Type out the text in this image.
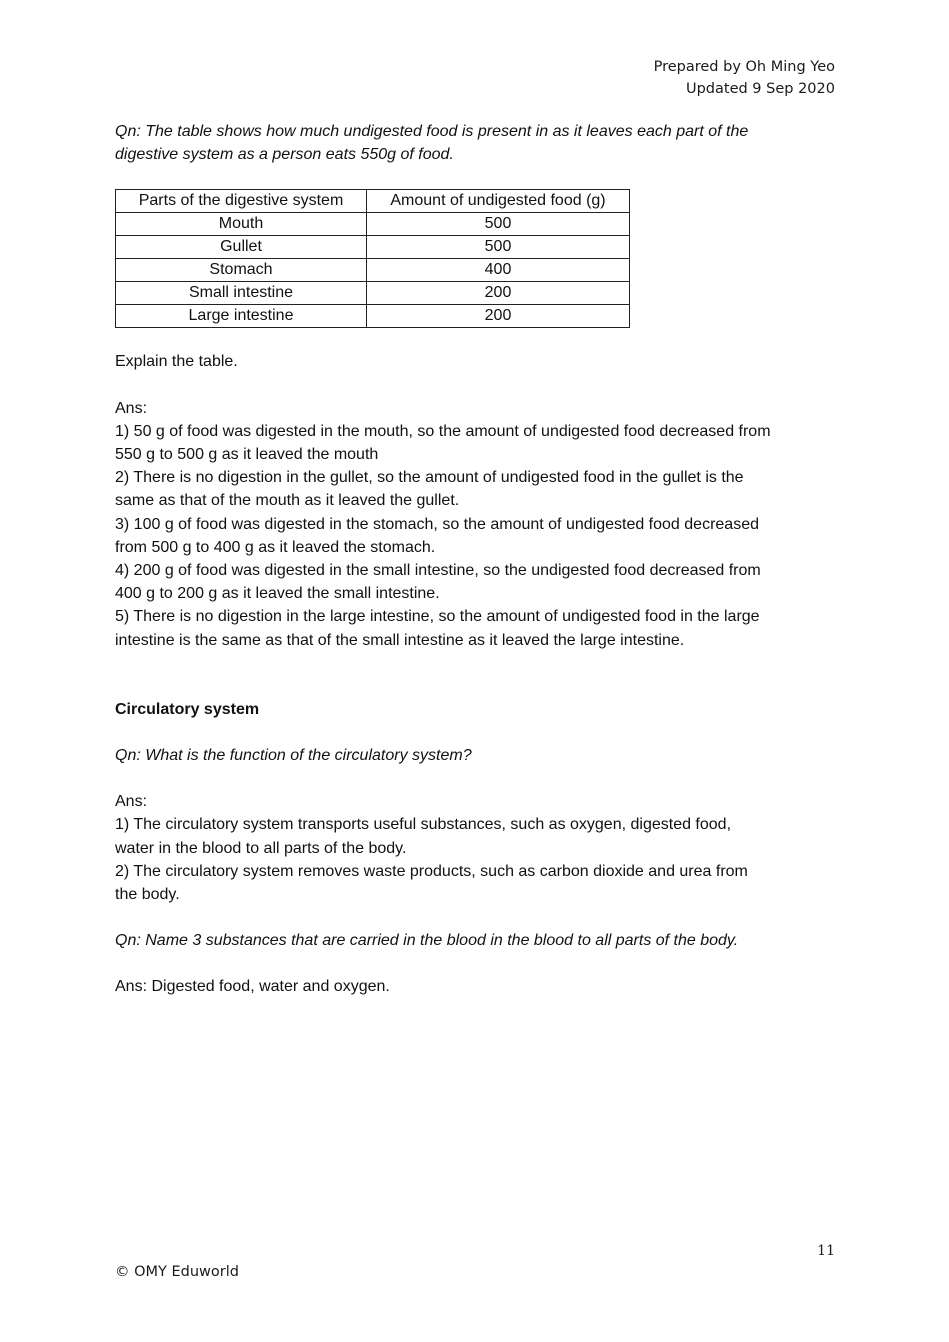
Prepared by Oh Ming Yeo
Updated 9 Sep 2020

Qn: The table shows how much undigested food is present in as it leaves each part of the
digestive system as a person eats 550g of food.

Parts of the digestive system	Amount of undigested food (g)
Mouth	500
Gullet	500
Stomach	400
Small intestine	200
Large intestine	200

Explain the table.

Ans:

1) 50 g of food was digested in the mouth, so the amount of undigested food decreased from
550 g to 500 g as it leaved the mouth
2) There is no digestion in the gullet, so the amount of undigested food in the gullet is the
same as that of the mouth as it leaved the gullet.
3) 100 g of food was digested in the stomach, so the amount of undigested food decreased
from 500 g to 400 g as it leaved the stomach.
4) 200 g of food was digested in the small intestine, so the undigested food decreased from
400 g to 200 g as it leaved the small intestine.
5) There is no digestion in the large intestine, so the amount of undigested food in the large
intestine is the same as that of the small intestine as it leaved the large intestine.

Circulatory system

Qn: What is the function of the circulatory system?

Ans:

1) The circulatory system transports useful substances, such as oxygen, digested food,
water in the blood to all parts of the body.
2) The circulatory system removes waste products, such as carbon dioxide and urea from
the body.

Qn: Name 3 substances that are carried in the blood in the blood to all parts of the body.

Ans: Digested food, water and oxygen.

11
© OMY Eduworld
